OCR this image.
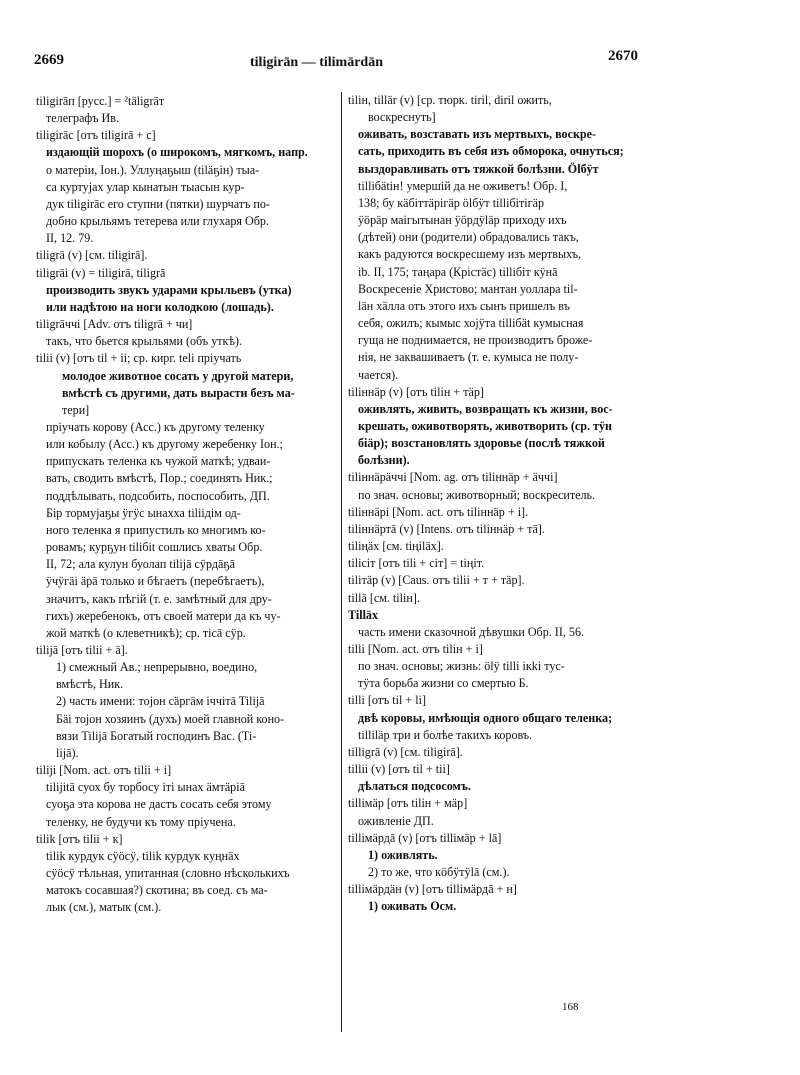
2669	tiligirān — tilimārdān	2670
tiligirāп [русс.] = ²täligrāт
телеграфъ Ив.
tiligirāс [отъ tiligirā + с]
издающій шорохъ (о широкомъ, мягкомъ, напр.
о матеріи, Іон.). Уллуңаҕыш (tiläҕiн) тыа-
са куртујах улар кынатын тыасын кур-
дук tiligirāс его ступни (пятки) шурчатъ по-
добно крыльямъ тетерева или глухаря Обр.
II, 12. 79.
tiligrā (v) [см. tiligirā].
tiligrāi (v) = tiligirā, tiligrā
производить звукъ ударами крыльевъ (утка)
или надѣтою на ноги колодкою (лошадь).
tiligrāччi [Adv. отъ tiligrā + чи]
такъ, что бьется крыльями (объ уткѣ).
tilii (v) [отъ til + ii; ср. кирг. teli пріучать
молодое животное сосать у другой матери,
вмѣстѣ съ другими, дать вырасти безъ ма-
тери]
пріучать корову (Асс.) къ другому теленку
или кобылу (Асс.) къ другому жеребенку Іон.;
припускать теленка къ чужой маткѣ; удваи-
вать, сводить вмѣстѣ, Пор.; соединять Ник.;
поддѣлывать, подсобить, поспособить, ДП.
Бір тормујаҕы ӱгӱс ынахха tiliідім од-
ного теленка я припустилъ ко многимъ ко-
ровамъ; курҕун tiliбit сошлись хваты Обр.
II, 72; ала кулун буолап tilijā сӱрдāҕā
ӱчӱгäi äрā только и бѣгаетъ (перебѣгаетъ),
значитъ, какъ пѣгій (т. е. замѣтный для дру-
гихъ) жеребенокъ, отъ своей матери да къ чу-
жой маткѣ (о клеветникѣ); ср. тісā сӱр.
tilijā [отъ tilii + ä].
1) смежный Ав.; непрерывно, воедино,
вмѣстѣ, Ник.
2) часть имени: тојон сäргäм іччітā Tilijā
Бäi тојон хозяинъ (духъ) моей главной коно-
вязи Tilijā Богатый господинъ Вас. (Ti-
lijā).
tiliji [Nom. act. отъ tilii + і]
tilijitā суох бу торбосу іті ынах äмтäрiā
суоҕа эта корова не дастъ сосать себя этому
теленку, не будучи къ тому пріучена.
tilik [отъ tilii + к]
tilik курдук сӱöсӱ, tilik курдук куңнāх
сӱöсӱ тѣльная, упитанная (словно нѣсколькихъ
матокъ сосавшая?) скотина; въ соед. съ ма-
лык (см.), матык (см.).
tilін, tillär (v) [ср. тюрк. tiril, diril ожить,
воскреснуть]
оживать, возставать изъ мертвыхъ, воскре-
сать, приходить въ себя изъ обморока, очнуться;
выздоравливать отъ тяжкой болѣзни. Ölбӱт
tillібätiн! умершій да не оживетъ! Обр. I,
138; бу кäбiттäрiгäр ölбӱт tillібітiгäр
ӱöрäр маiгытынан ӱöрдӱläр приходу ихъ
(дѣтей) они (родители) обрадовались такъ,
какъ радуются воскресшему изъ мертвыхъ,
ib. II, 175; таңара (Крістäс) tillібіт кӱнā
Воскресеніе Христово; мантан уоллара til-
läн хäлла отъ этого ихъ сынъ пришелъ въ
себя, ожилъ; кымыс хојӱта tillібät кумысная
гуща не поднимается, не производитъ броже-
нія, не заквашиваетъ (т. е. кумыса не полу-
чается).
tilіннäр (v) [отъ tilін + тäр]
оживлять, живить, возвращать къ жизни, вос-
крешать, оживотворять, животворить (ср. тÿн
бiäр); возстановлять здоровье (послѣ тяжкой
болѣзни).
tilіннäрäччі [Nom. ag. отъ tilіннäр + äччі]
по знач. основы; животворный; воскреситель.
tilіннäрі [Nom. act. отъ tilіннäр + і].
tilіннäртā (v) [Intens. отъ tilіннäр + тā].
tiliңäx [см. tiңiläx].
tilісіт [отъ tili + сіт] = tiңiт.
tilітäр (v) [Caus. отъ tilii + т + тäр].
tillā [см. tilін].
Tilläx
часть имени сказочной дѣвушки Обр. II, 56.
tilli [Nom. act. отъ tilін + і]
по знач. основы; жизнь: ölӱ tilli ікki тус-
тӱта борьба жизни со смертью Б.
tilli [отъ til + li]
двѣ коровы, имѣющія одного общаго теленка;
tilliläр три и болѣе такихъ коровъ.
tilligrā (v) [см. tiligirā].
tillii (v) [отъ til + tii]
дѣлаться подсосомъ.
tillімäр [отъ tilін + мäр]
оживленіе ДП.
tillімäрдā (v) [отъ tillімäр + lā]
1) оживлять.
2) то же, что кöбӱтӱlā (см.).
tillімäрдäн (v) [отъ tillімäрдā + н]
1) оживать Осм.
168
